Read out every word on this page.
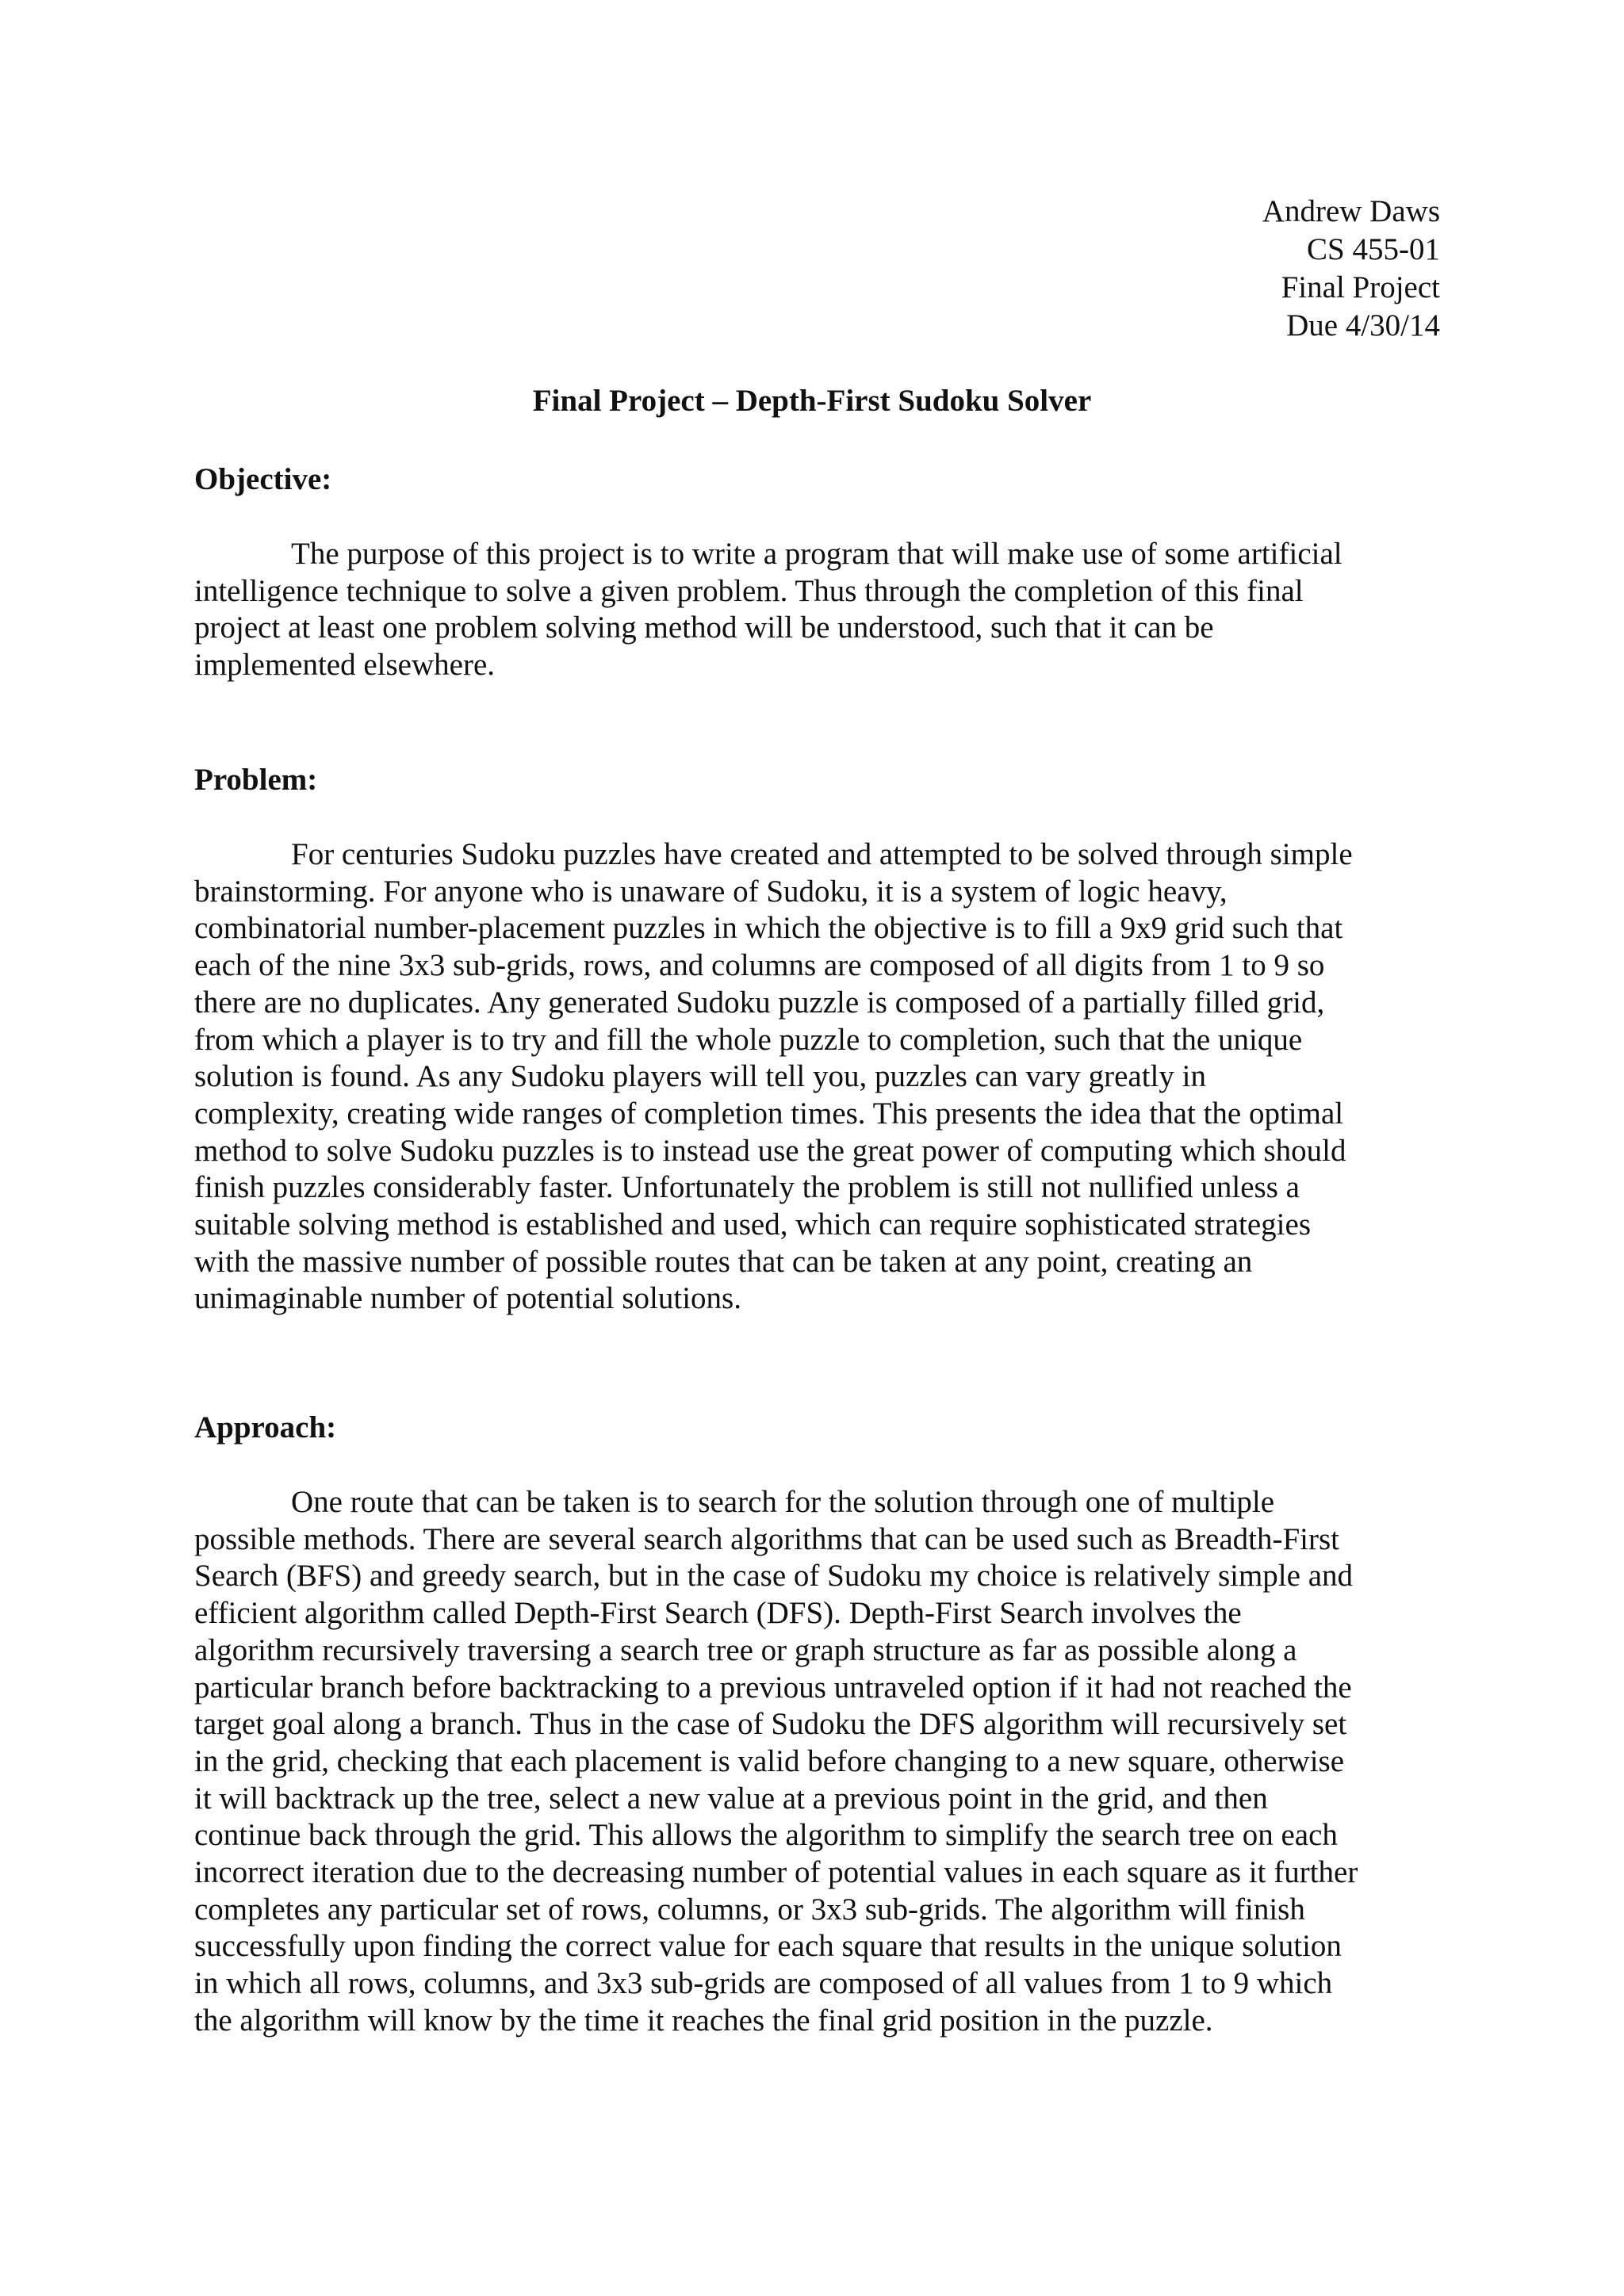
Andrew Daws
CS 455-01
Final Project
Due 4/30/14
Final Project – Depth-First Sudoku Solver
Objective:
The purpose of this project is to write a program that will make use of some artificial
intelligence technique to solve a given problem. Thus through the completion of this final
project at least one problem solving method will be understood, such that it can be
implemented elsewhere.
Problem:
For centuries Sudoku puzzles have created and attempted to be solved through simple
brainstorming. For anyone who is unaware of Sudoku, it is a system of logic heavy,
combinatorial number-placement puzzles in which the objective is to fill a 9x9 grid such that
each of the nine 3x3 sub-grids, rows, and columns are composed of all digits from 1 to 9 so
there are no duplicates. Any generated Sudoku puzzle is composed of a partially filled grid,
from which a player is to try and fill the whole puzzle to completion, such that the unique
solution is found. As any Sudoku players will tell you, puzzles can vary greatly in
complexity, creating wide ranges of completion times. This presents the idea that the optimal
method to solve Sudoku puzzles is to instead use the great power of computing which should
finish puzzles considerably faster. Unfortunately the problem is still not nullified unless a
suitable solving method is established and used, which can require sophisticated strategies
with the massive number of possible routes that can be taken at any point, creating an
unimaginable number of potential solutions.
Approach:
One route that can be taken is to search for the solution through one of multiple
possible methods. There are several search algorithms that can be used such as Breadth-First
Search (BFS) and greedy search, but in the case of Sudoku my choice is relatively simple and
efficient algorithm called Depth-First Search (DFS). Depth-First Search involves the
algorithm recursively traversing a search tree or graph structure as far as possible along a
particular branch before backtracking to a previous untraveled option if it had not reached the
target goal along a branch. Thus in the case of Sudoku the DFS algorithm will recursively set
in the grid, checking that each placement is valid before changing to a new square, otherwise
it will backtrack up the tree, select a new value at a previous point in the grid, and then
continue back through the grid. This allows the algorithm to simplify the search tree on each
incorrect iteration due to the decreasing number of potential values in each square as it further
completes any particular set of rows, columns, or 3x3 sub-grids. The algorithm will finish
successfully upon finding the correct value for each square that results in the unique solution
in which all rows, columns, and 3x3 sub-grids are composed of all values from 1 to 9 which
the algorithm will know by the time it reaches the final grid position in the puzzle.
